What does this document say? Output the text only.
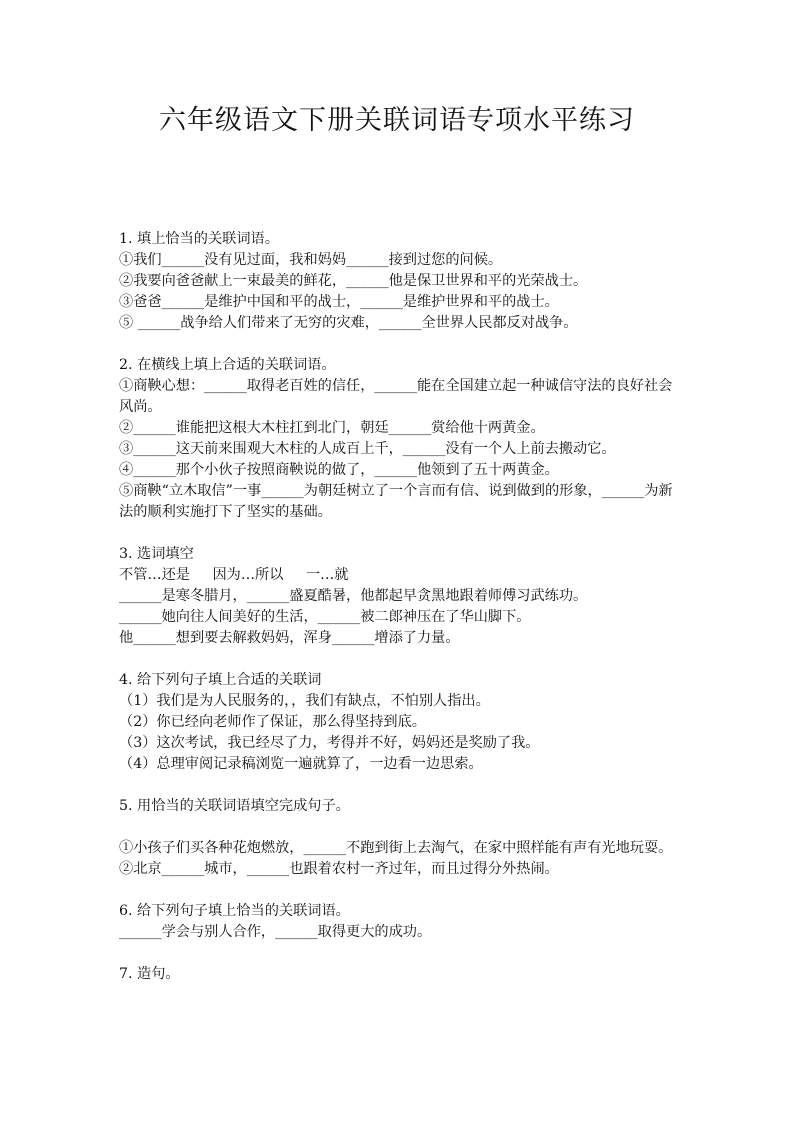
六年级语文下册关联词语专项水平练习
1. 填上恰当的关联词语。
①我们______没有见过面，我和妈妈______接到过您的问候。
②我要向爸爸献上一束最美的鲜花，______他是保卫世界和平的光荣战士。
③爸爸______是维护中国和平的战士，______是维护世界和平的战士。
⑤ ______战争给人们带来了无穷的灾难，______全世界人民都反对战争。
2. 在横线上填上合适的关联词语。
①商鞅心想：______取得老百姓的信任，______能在全国建立起一种诚信守法的良好社会风尚。
②______谁能把这根大木柱扛到北门，朝廷______赏给他十两黄金。
③______这天前来围观大木柱的人成百上千，______没有一个人上前去搬动它。
④______那个小伙子按照商鞅说的做了，______他领到了五十两黄金。
⑤商鞅“立木取信”一事______为朝廷树立了一个言而有信、说到做到的形象，______为新法的顺利实施打下了坚实的基础。
3. 选词填空
不管…还是     因为…所以     一…就
______是寒冬腊月，______盛夏酷暑，他都起早贪黑地跟着师傅习武练功。
______她向往人间美好的生活，______被二郎神压在了华山脚下。
他______想到要去解救妈妈，浑身______增添了力量。
4. 给下列句子填上合适的关联词
（1）我们是为人民服务的，，我们有缺点，不怕别人指出。
（2）你已经向老师作了保证，那么得坚持到底。
（3）这次考试，我已经尽了力，考得并不好，妈妈还是奖励了我。
（4）总理审阅记录稿浏览一遍就算了，一边看一边思索。
5. 用恰当的关联词语填空完成句子。
①小孩子们买各种花炮燃放，______不跑到街上去淘气，在家中照样能有声有光地玩耍。
②北京______城市，______也跟着农村一齐过年，而且过得分外热闹。
6. 给下列句子填上恰当的关联词语。
______学会与别人合作，______取得更大的成功。
7. 造句。
